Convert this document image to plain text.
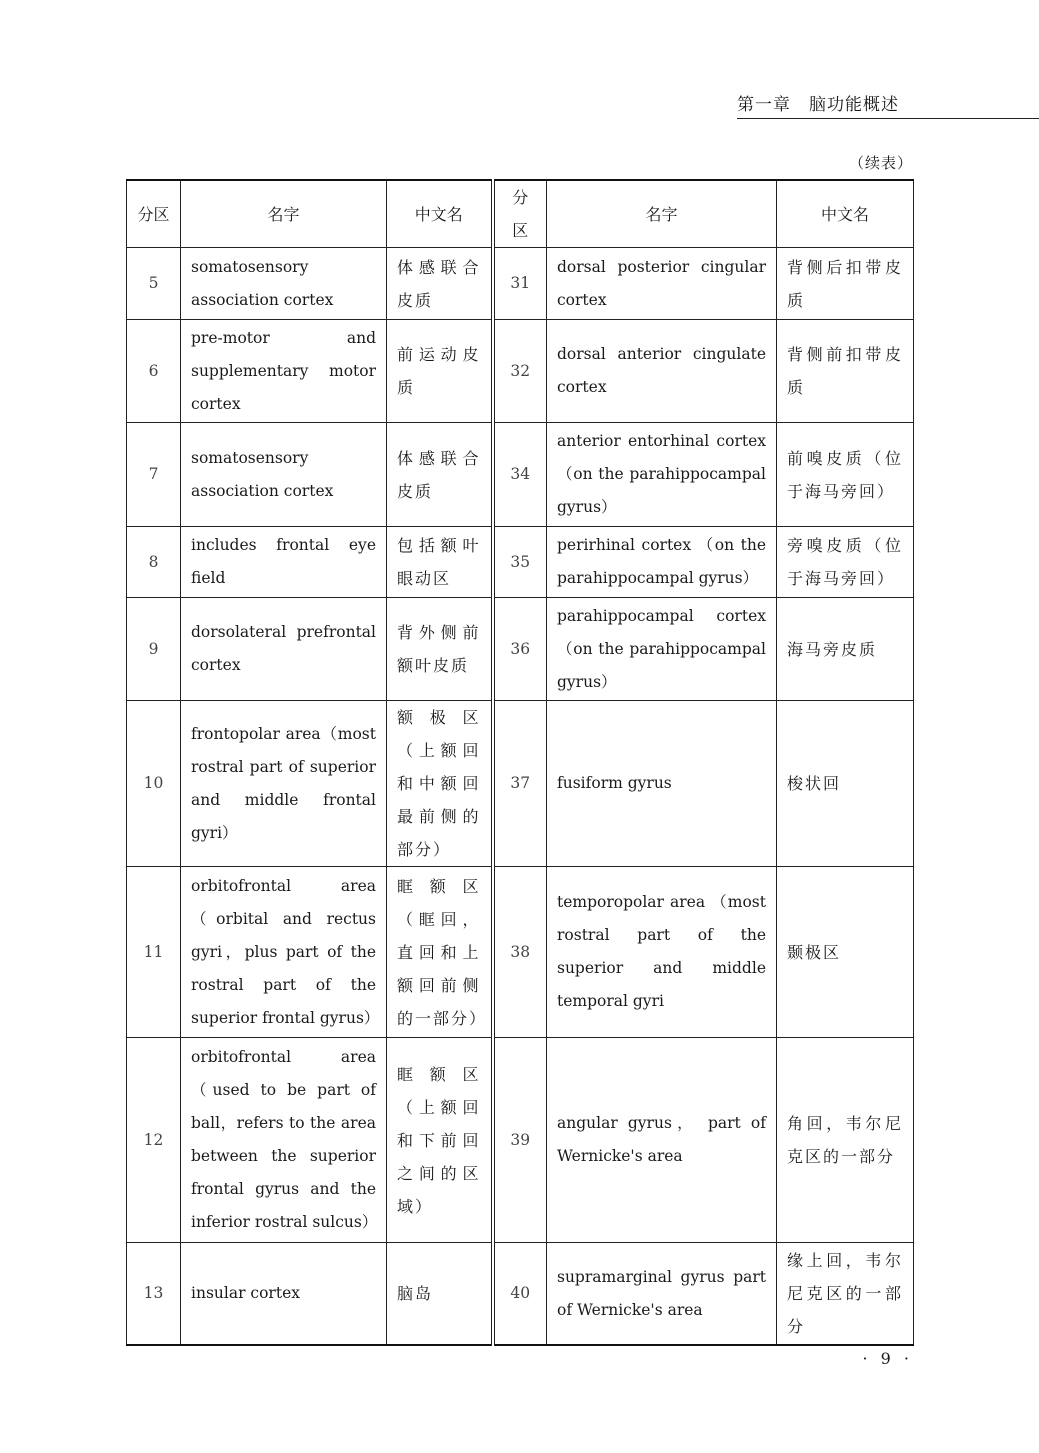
第一章　脑功能概述
（续表）
分区	名字	中文名	分区	名字	中文名
5	somatosensory association cortex	体感联合皮质	31	dorsal posterior cingular cortex	背侧后扣带皮质
6	pre-motor and supplementary motor cortex	前运动皮质	32	dorsal anterior cingulate cortex	背侧前扣带皮质
7	somatosensory association cortex	体感联合皮质	34	anterior entorhinal cortex （on the parahippocampal gyrus）	前嗅皮质（位于海马旁回）
8	includes frontal eye field	包括额叶眼动区	35	perirhinal cortex （on the parahippocampal gyrus）	旁嗅皮质（位于海马旁回）
9	dorsolateral prefrontal cortex	背外侧前额叶皮质	36	parahippocampal cortex （on the parahippocampal gyrus）	海马旁皮质
10	frontopolar area（most rostral part of superior and middle frontal gyri）	额极区（上额回和中额回最前侧的部分）	37	fusiform gyrus	梭状回
11	orbitofrontal area （orbital and rectus gyri，plus part of the rostral part of the superior frontal gyrus）	眶额区（眶回，直回和上额回前侧的一部分）	38	temporopolar area （most rostral part of the superior and middle temporal gyri	颞极区
12	orbitofrontal area （used to be part of ball，refers to the area between the superior frontal gyrus and the inferior rostral sulcus）	眶额区（上额回和下前回之间的区域）	39	angular gyrus， part of Wernicke's area	角回，韦尔尼克区的一部分
13	insular cortex	脑岛	40	supramarginal gyrus part of Wernicke's area	缘上回，韦尔尼克区的一部分
· 9 ·
